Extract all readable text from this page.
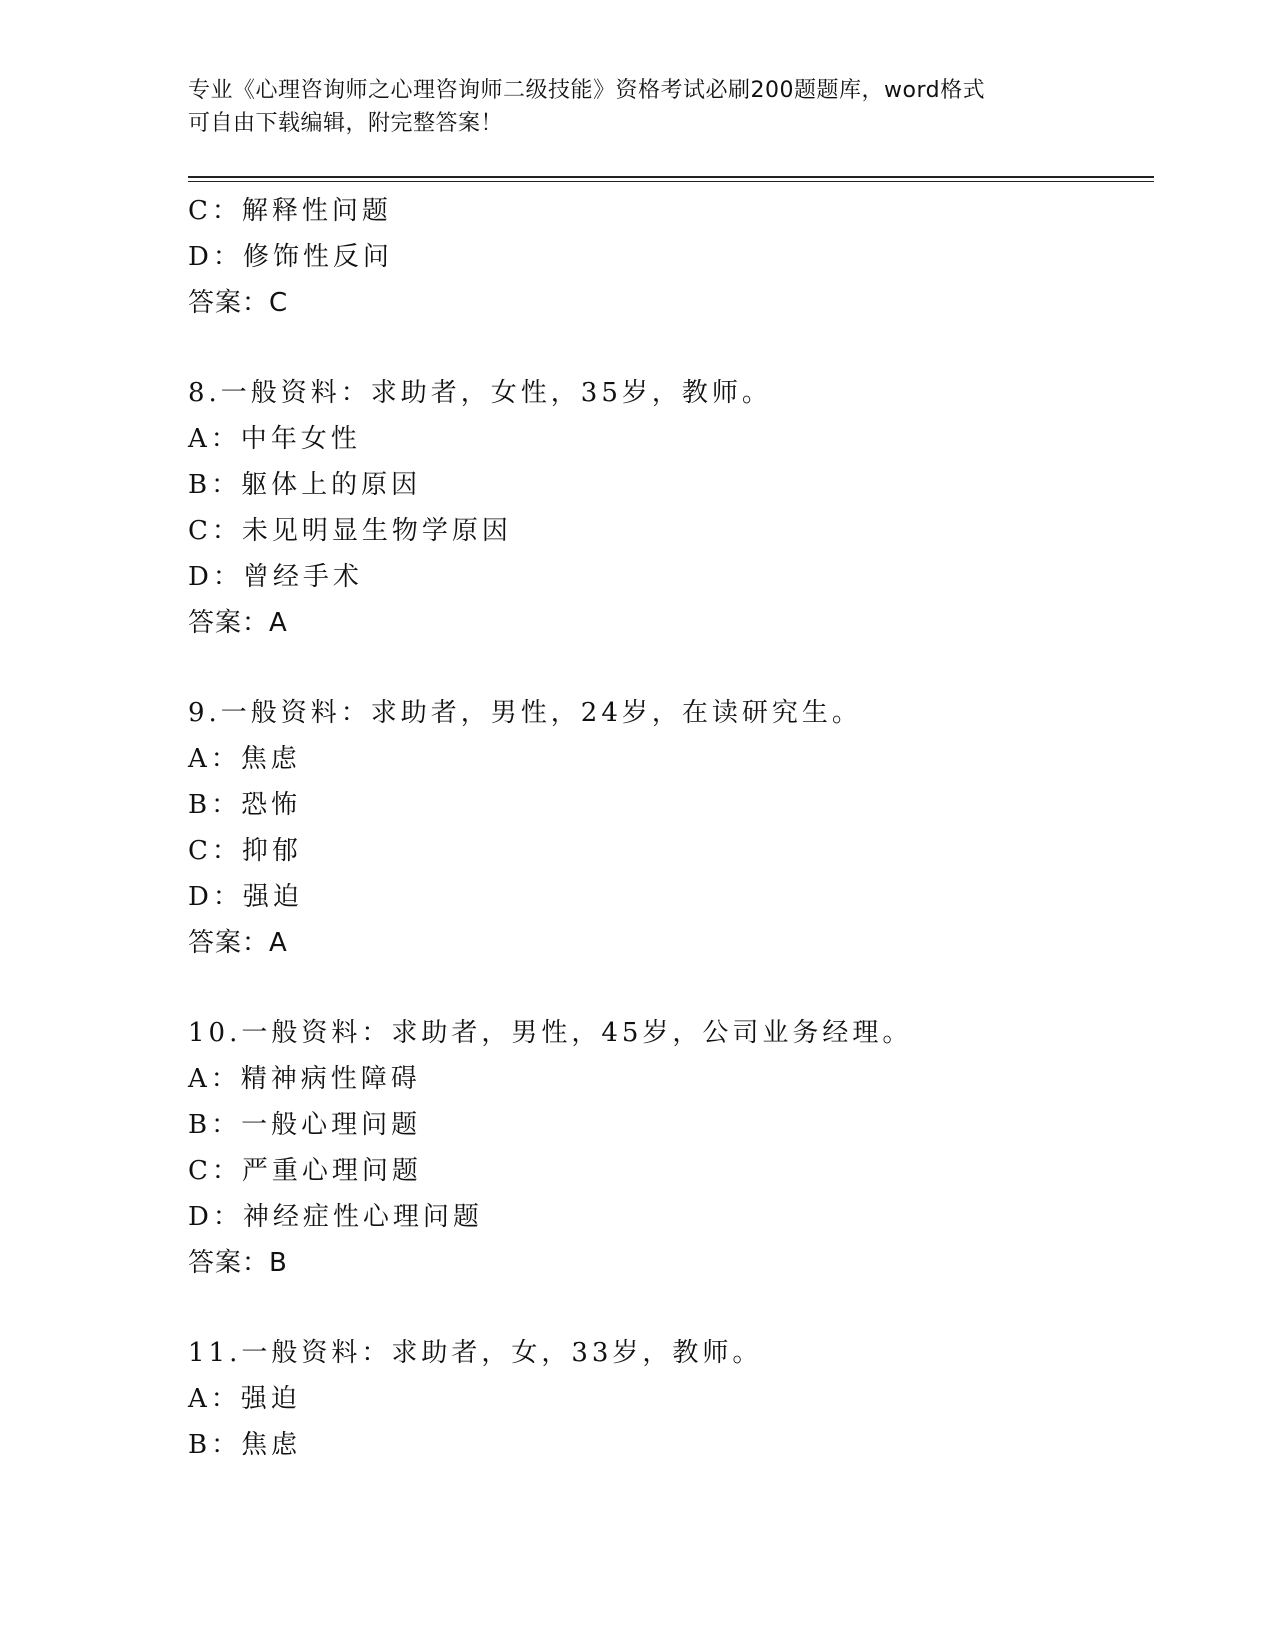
专业《心理咨询师之心理咨询师二级技能》资格考试必刷200题题库，word格式
可自由下载编辑，附完整答案！
C：解释性问题
D：修饰性反问
答案：C
8.一般资料：求助者，女性，35岁，教师。
A：中年女性
B：躯体上的原因
C：未见明显生物学原因
D：曾经手术
答案：A
9.一般资料：求助者，男性，24岁，在读研究生。
A：焦虑
B：恐怖
C：抑郁
D：强迫
答案：A
10.一般资料：求助者，男性，45岁，公司业务经理。
A：精神病性障碍
B：一般心理问题
C：严重心理问题
D：神经症性心理问题
答案：B
11.一般资料：求助者，女，33岁，教师。
A：强迫
B：焦虑
